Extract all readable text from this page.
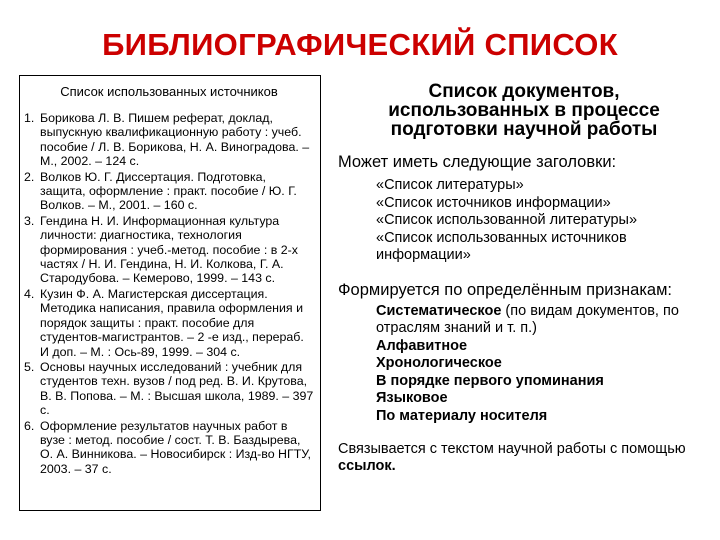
БИБЛИОГРАФИЧЕСКИЙ СПИСОК
Список использованных источников
1. Борикова Л. В. Пишем реферат, доклад, выпускную квалификационную работу : учеб. пособие / Л. В. Борикова, Н. А. Виноградова. – М., 2002. – 124 с.
2. Волков Ю. Г. Диссертация. Подготовка, защита, оформление : практ. пособие / Ю. Г. Волков. – М., 2001. – 160 с.
3. Гендина Н. И. Информационная культура личности: диагностика, технология формирования : учеб.-метод. пособие : в 2-х частях / Н. И. Гендина, Н. И. Колкова, Г. А. Стародубова. – Кемерово, 1999. – 143 с.
4. Кузин Ф. А. Магистерская диссертация. Методика написания, правила оформления и порядок защиты : практ. пособие для студентов-магистрантов. – 2 -е изд., перераб. И доп. – М. : Ось-89, 1999. – 304 с.
5. Основы научных исследований : учебник для студентов техн. вузов / под ред. В. И. Крутова, В. В. Попова. – М. : Высшая школа, 1989. – 397 с.
6. Оформление результатов научных работ в вузе : метод. пособие / сост. Т. В. Баздырева, О. А. Винникова. – Новосибирск : Изд-во НГТУ, 2003. – 37 с.
Список документов,
использованных в процессе
подготовки научной работы

Может иметь следующие заголовки:

«Список литературы»
«Список источников информации»
«Список использованной литературы»
«Список использованных источников информации»

Формируется по определённым признакам:

Систематическое (по видам документов, по отраслям знаний и т. п.)
Алфавитное
Хронологическое
В порядке первого упоминания
Языковое
По материалу носителя

Связывается с текстом научной работы с помощью ссылок.
